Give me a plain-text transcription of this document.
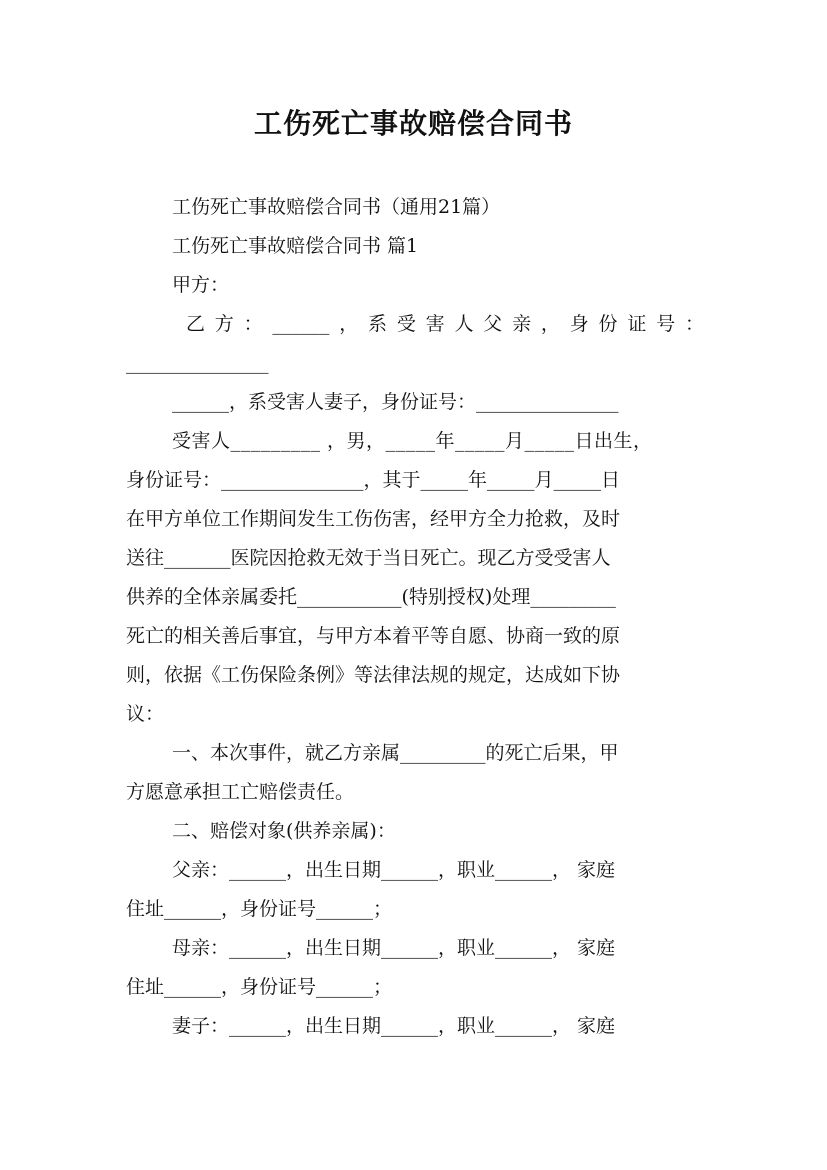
工伤死亡事故赔偿合同书

工伤死亡事故赔偿合同书（通用21篇）

工伤死亡事故赔偿合同书 篇1

甲方：

乙方：______，系受害人父亲，身份证号：

_______________

______，系受害人妻子，身份证号：_______________

受害人_________ ，男，_____年_____月_____日出生，

身份证号：_______________，其于_____年_____月_____日

在甲方单位工作期间发生工伤伤害，经甲方全力抢救，及时

送往_______医院因抢救无效于当日死亡。现乙方受受害人

供养的全体亲属委托___________(特别授权)处理_________

死亡的相关善后事宜，与甲方本着平等自愿、协商一致的原

则，依据《工伤保险条例》等法律法规的规定，达成如下协

议：

一、本次事件，就乙方亲属_________的死亡后果，甲

方愿意承担工亡赔偿责任。

二、赔偿对象(供养亲属)：

父亲：______，出生日期______，职业______， 家庭

住址______，身份证号______；

母亲：______，出生日期______，职业______， 家庭

住址______，身份证号______；

妻子：______，出生日期______，职业______， 家庭
